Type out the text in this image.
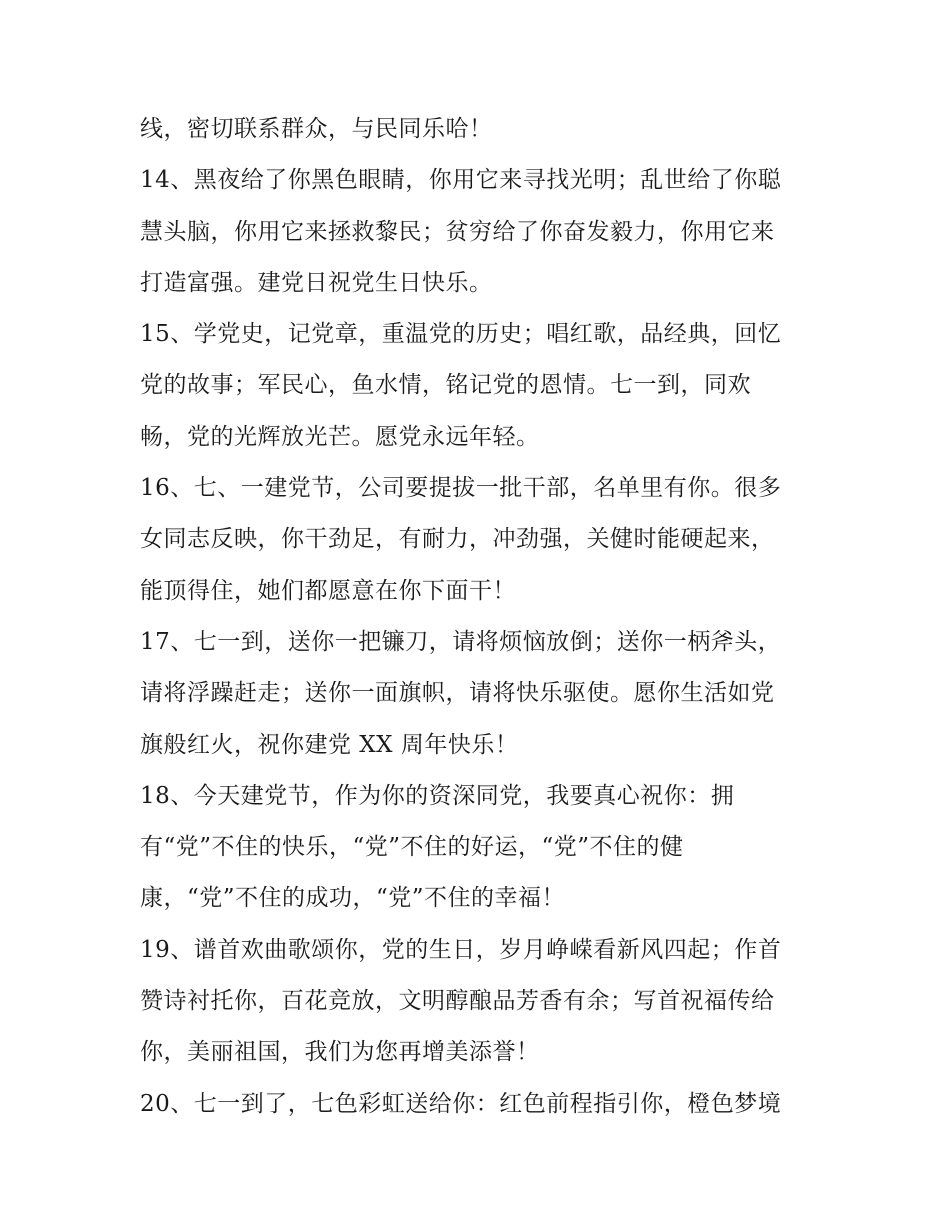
线，密切联系群众，与民同乐哈！
14、黑夜给了你黑色眼睛，你用它来寻找光明；乱世给了你聪
慧头脑，你用它来拯救黎民；贫穷给了你奋发毅力，你用它来
打造富强。建党日祝党生日快乐。
15、学党史，记党章，重温党的历史；唱红歌，品经典，回忆
党的故事；军民心，鱼水情，铭记党的恩情。七一到，同欢
畅，党的光辉放光芒。愿党永远年轻。
16、七、一建党节，公司要提拔一批干部，名单里有你。很多
女同志反映，你干劲足，有耐力，冲劲强，关健时能硬起来，
能顶得住，她们都愿意在你下面干！
17、七一到，送你一把镰刀，请将烦恼放倒；送你一柄斧头，
请将浮躁赶走；送你一面旗帜，请将快乐驱使。愿你生活如党
旗般红火，祝你建党 XX 周年快乐！
18、今天建党节，作为你的资深同党，我要真心祝你：拥
有“党”不住的快乐，“党”不住的好运，“党”不住的健
康，“党”不住的成功，“党”不住的幸福！
19、谱首欢曲歌颂你，党的生日，岁月峥嵘看新风四起；作首
赞诗衬托你，百花竞放，文明醇酿品芳香有余；写首祝福传给
你，美丽祖国，我们为您再增美添誉！
20、七一到了，七色彩虹送给你：红色前程指引你，橙色梦境
